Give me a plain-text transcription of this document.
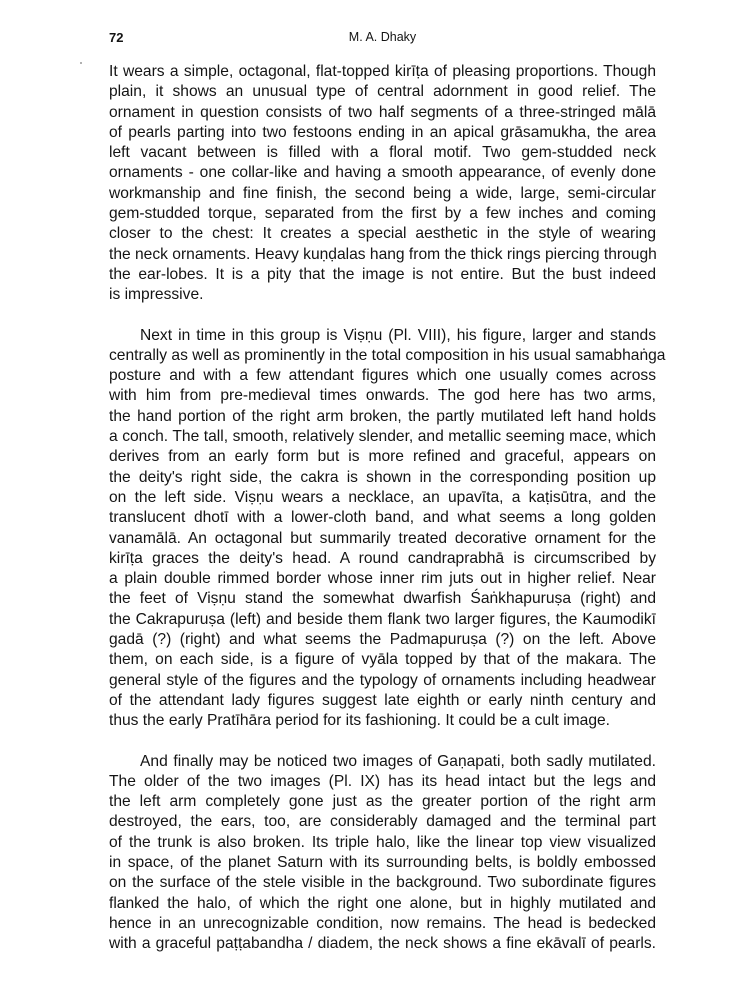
72	M. A. Dhaky

It wears a simple, octagonal, flat-topped kirīṭa of pleasing proportions. Though
plain, it shows an unusual type of central adornment in good relief. The
ornament in question consists of two half segments of a three-stringed mālā
of pearls parting into two festoons ending in an apical grāsamukha, the area
left vacant between is filled with a floral motif. Two gem-studded neck
ornaments - one collar-like and having a smooth appearance, of evenly done
workmanship and fine finish, the second being a wide, large, semi-circular
gem-studded torque, separated from the first by a few inches and coming
closer to the chest: It creates a special aesthetic in the style of wearing
the neck ornaments. Heavy kuṇḍalas hang from the thick rings piercing through
the ear-lobes. It is a pity that the image is not entire. But the bust indeed
is impressive.

Next in time in this group is Viṣṇu (Pl. VIII), his figure, larger and stands
centrally as well as prominently in the total composition in his usual samabhaṅga
posture and with a few attendant figures which one usually comes across
with him from pre-medieval times onwards. The god here has two arms,
the hand portion of the right arm broken, the partly mutilated left hand holds
a conch. The tall, smooth, relatively slender, and metallic seeming mace, which
derives from an early form but is more refined and graceful, appears on
the deity's right side, the cakra is shown in the corresponding position up
on the left side. Viṣṇu wears a necklace, an upavīta, a kaṭisūtra, and the
translucent dhotī with a lower-cloth band, and what seems a long golden
vanamālā. An octagonal but summarily treated decorative ornament for the
kirīṭa graces the deity's head. A round candraprabhā is circumscribed by
a plain double rimmed border whose inner rim juts out in higher relief. Near
the feet of Viṣṇu stand the somewhat dwarfish Śaṅkhapuruṣa (right) and
the Cakrapuruṣa (left) and beside them flank two larger figures, the Kaumodikī
gadā (?) (right) and what seems the Padmapuruṣa (?) on the left. Above
them, on each side, is a figure of vyāla topped by that of the makara. The
general style of the figures and the typology of ornaments including headwear
of the attendant lady figures suggest late eighth or early ninth century and
thus the early Pratīhāra period for its fashioning. It could be a cult image.

And finally may be noticed two images of Gaṇapati, both sadly mutilated.
The older of the two images (Pl. IX) has its head intact but the legs and
the left arm completely gone just as the greater portion of the right arm
destroyed, the ears, too, are considerably damaged and the terminal part
of the trunk is also broken. Its triple halo, like the linear top view visualized
in space, of the planet Saturn with its surrounding belts, is boldly embossed
on the surface of the stele visible in the background. Two subordinate figures
flanked the halo, of which the right one alone, but in highly mutilated and
hence in an unrecognizable condition, now remains. The head is bedecked
with a graceful paṭṭabandha / diadem, the neck shows a fine ekāvalī of pearls.
